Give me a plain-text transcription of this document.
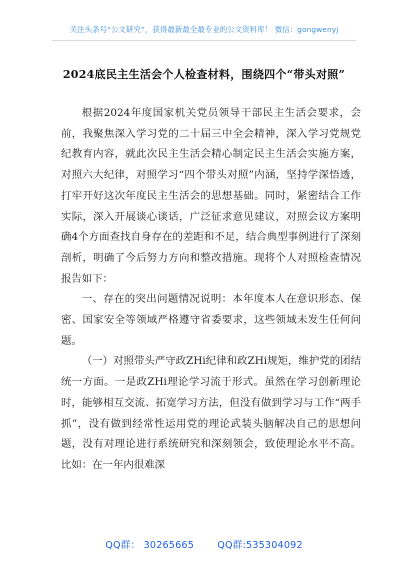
关注头条号“公文研究”，获得最新最全最专业的公文资料库！ 微信：gongwenyj
2024底民主生活会个人检查材料，围绕四个“带头对照”

根据2024年度国家机关党员领导干部民主生活会要求，会前，我聚焦深入学习党的二十届三中全会精神，深入学习党规党纪教育内容，就此次民主生活会精心制定民主生活会实施方案，对照六大纪律，对照学习“四个带头对照”内涵，坚持学深悟透，打牢开好这次年度民主生活会的思想基础。同时，紧密结合工作实际，深入开展谈心谈话，广泛征求意见建议，对照会议方案明确4个方面查找自身存在的差距和不足，结合典型事例进行了深刻剖析，明确了今后努力方向和整改措施。现将个人对照检查情况报告如下：

一、存在的突出问题情况说明：本年度本人在意识形态、保密、国家安全等领域严格遵守省委要求，这些领域未发生任何问题。

（一）对照带头严守政ZHi纪律和政ZHi规矩，维护党的团结统一方面。一是政ZHi理论学习流于形式。虽然在学习创新理论时，能够相互交流、拓宽学习方法，但没有做到学习与工作“两手抓”，没有做到经常性运用党的理论武装头脑解决自己的思想问题，没有对理论进行系统研究和深刻领会，致使理论水平不高。比如：在一年内很难深

QQ群： 30265665 QQ群:535304092
